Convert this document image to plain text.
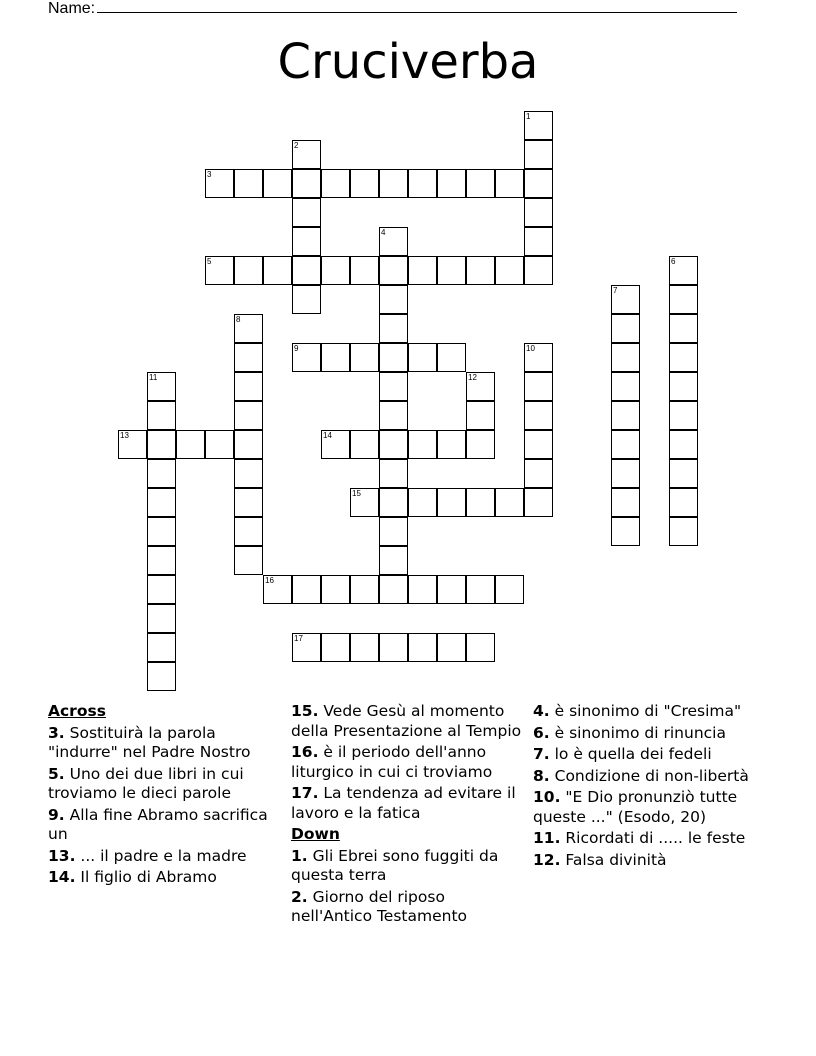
Name:
Cruciverba
1
2
3
4
5	6
7
8
9	10
11	12
13	14
15
16
17
Across
3. Sostituirà la parola "indurre" nel Padre Nostro
5. Uno dei due libri in cui troviamo le dieci parole
9. Alla fine Abramo sacrifica un
13. ... il padre e la madre
14. Il figlio di Abramo
15. Vede Gesù al momento della Presentazione al Tempio
16. è il periodo dell'anno liturgico in cui ci troviamo
17. La tendenza ad evitare il lavoro e la fatica
Down
1. Gli Ebrei sono fuggiti da questa terra
2. Giorno del riposo nell'Antico Testamento
4. è sinonimo di "Cresima"
6. è sinonimo di rinuncia
7. lo è quella dei fedeli
8. Condizione di non-libertà
10. "E Dio pronunziò tutte queste ..." (Esodo, 20)
11. Ricordati di ..... le feste
12. Falsa divinità
